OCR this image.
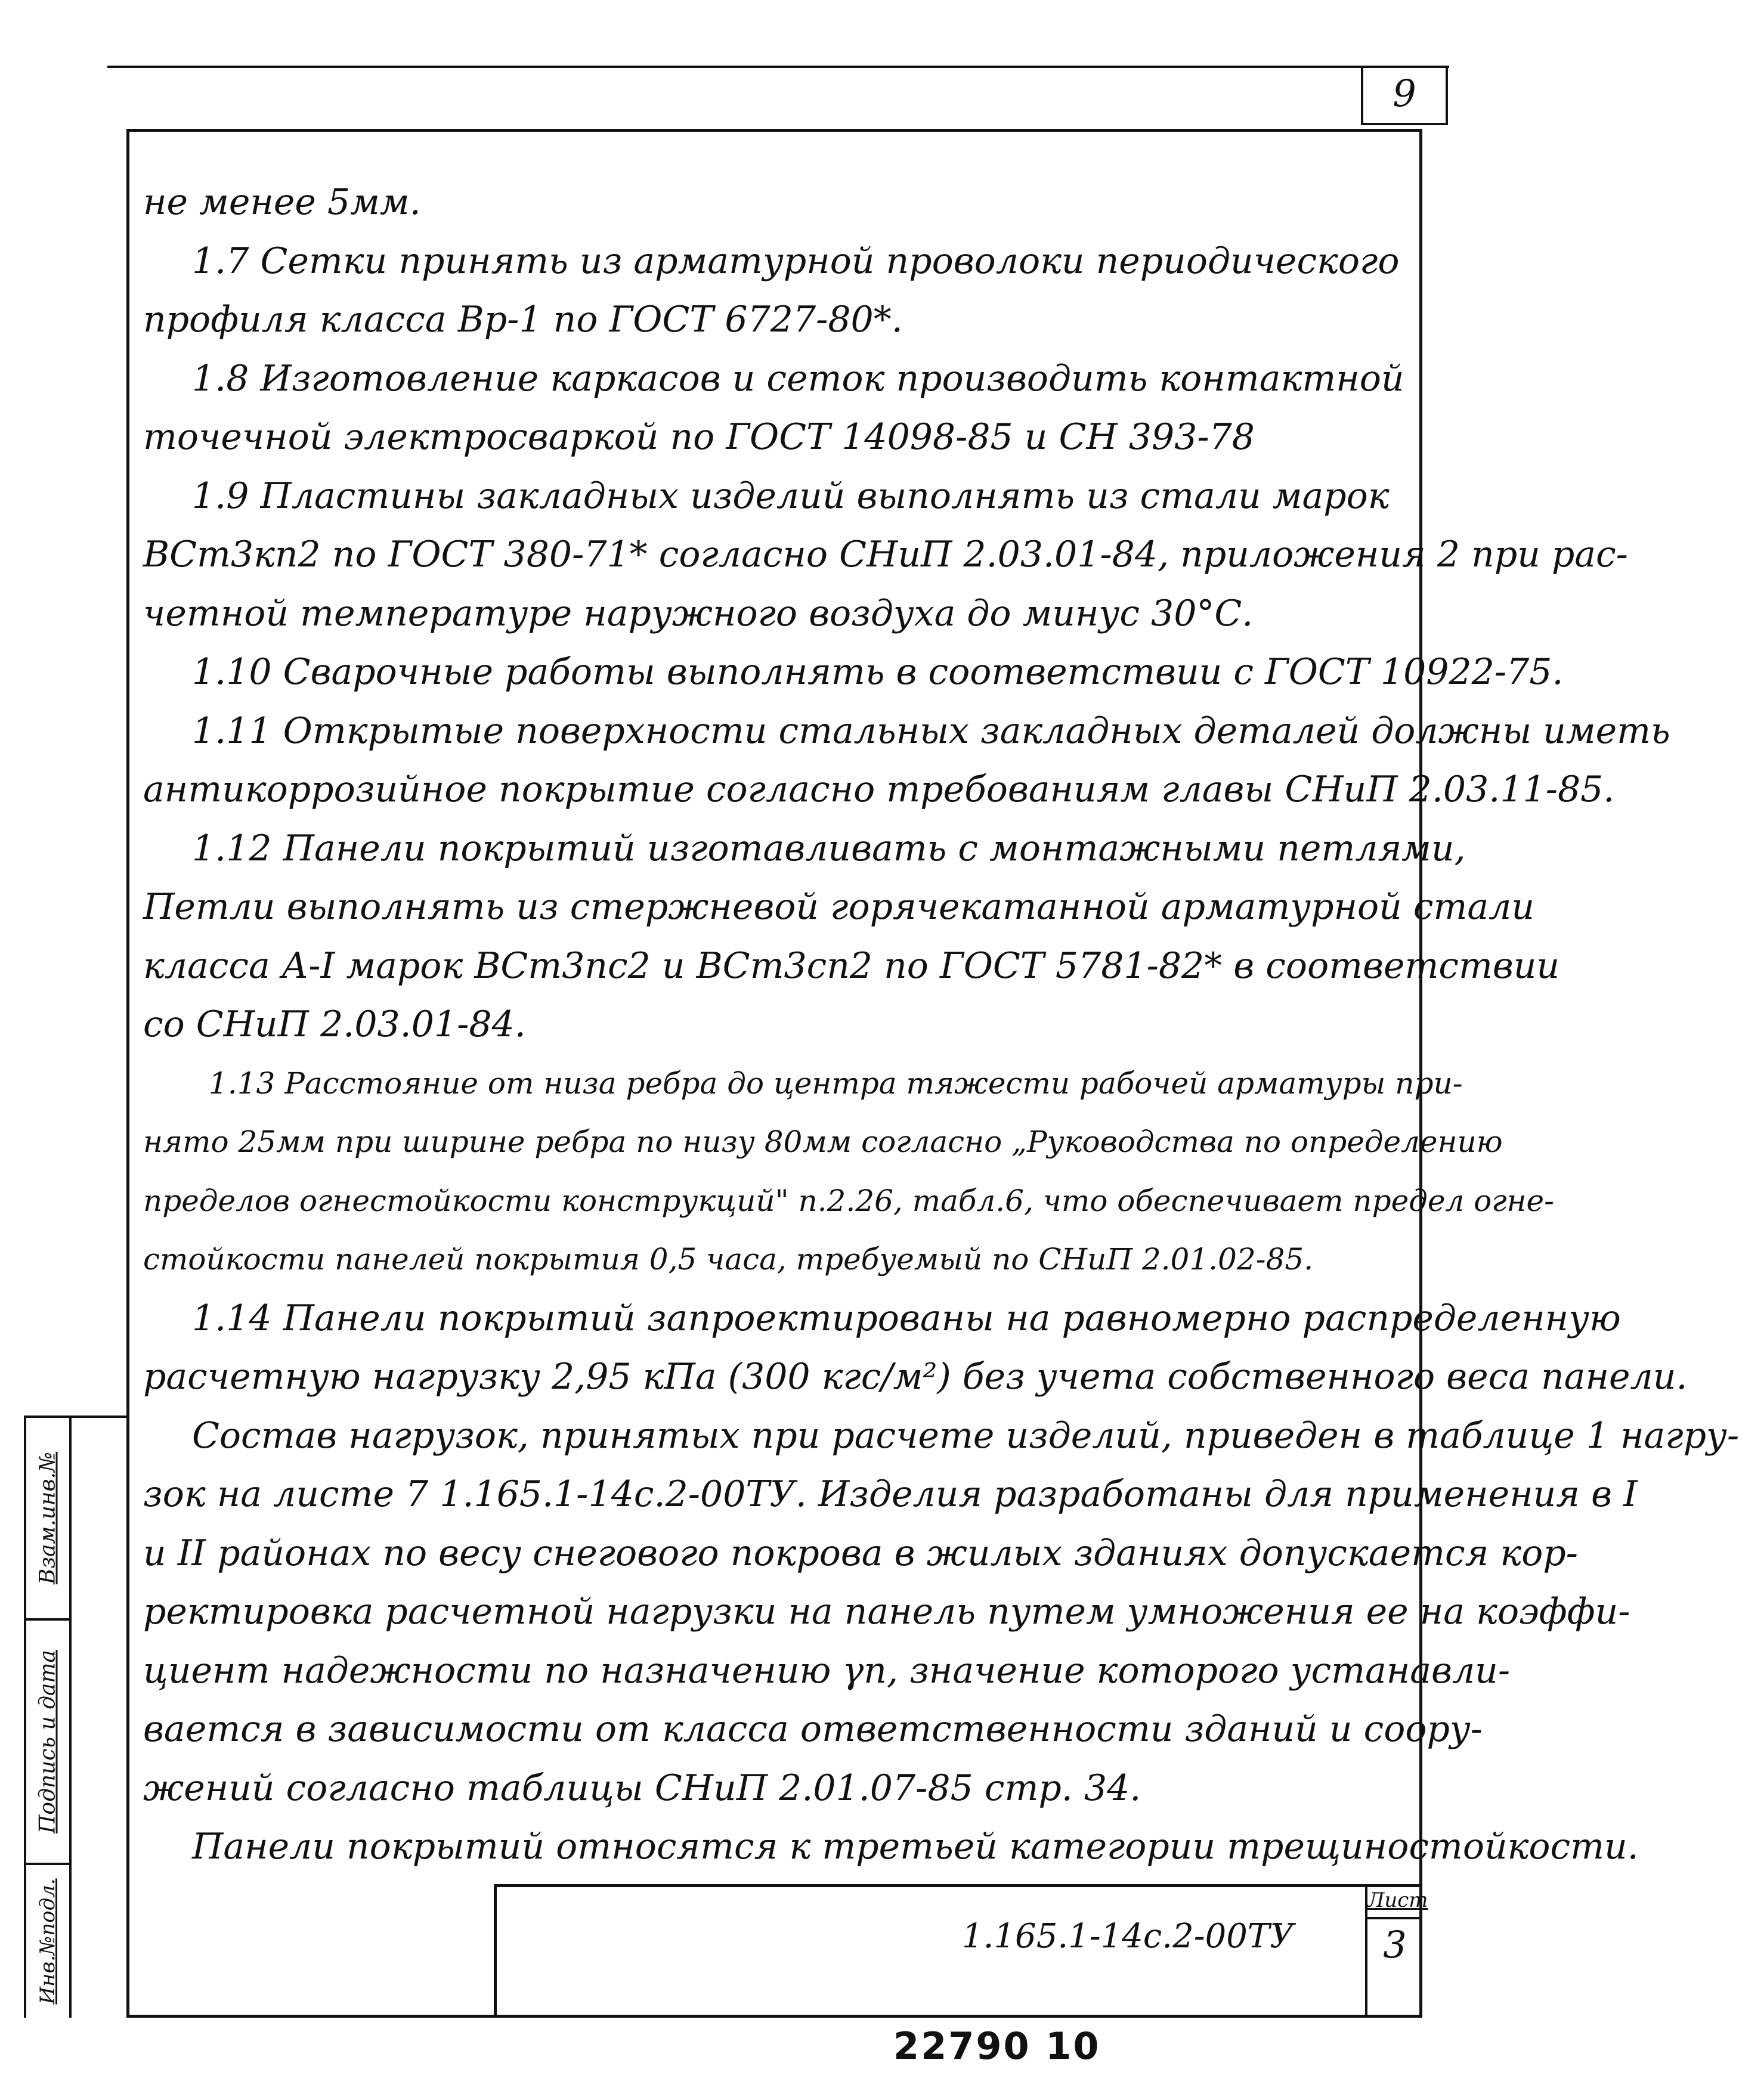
9
не менее 5мм.
1.7 Сетки принять из арматурной проволоки периодического
профиля класса Вр-1 по ГОСТ 6727-80*.
1.8 Изготовление каркасов и сеток производить контактной
точечной электросваркой по ГОСТ 14098-85 и СН 393-78
1.9 Пластины закладных изделий выполнять из стали марок
ВСт3кп2 по ГОСТ 380-71* согласно СНиП 2.03.01-84, приложения 2 при рас-
четной температуре наружного воздуха до минус 30°С.
1.10 Сварочные работы выполнять в соответствии с ГОСТ 10922-75.
1.11 Открытые поверхности стальных закладных деталей должны иметь
антикоррозийное покрытие согласно требованиям главы СНиП 2.03.11-85.
1.12 Панели покрытий изготавливать с монтажными петлями,
Петли выполнять из стержневой горячекатанной арматурной стали
класса А-I марок ВСт3пс2 и ВСт3сп2 по ГОСТ 5781-82* в соответствии
со СНиП 2.03.01-84.
1.13 Расстояние от низа ребра до центра тяжести рабочей арматуры при-
нято 25мм при ширине ребра по низу 80мм согласно „Руководства по определению
пределов огнестойкости конструкций" п.2.26, табл.6, что обеспечивает предел огне-
стойкости панелей покрытия 0,5 часа, требуемый по СНиП 2.01.02-85.
1.14 Панели покрытий запроектированы на равномерно распределенную
расчетную нагрузку 2,95 кПа (300 кгс/м²) без учета собственного веса панели.
Состав нагрузок, принятых при расчете изделий, приведен в таблице 1 нагру-
зок на листе 7 1.165.1-14с.2-00ТУ. Изделия разработаны для применения в I
и II районах по весу снегового покрова в жилых зданиях допускается кор-
ректировка расчетной нагрузки на панель путем умножения ее на коэффи-
циент надежности по назначению γn, значение которого устанавли-
вается в зависимости от класса ответственности зданий и соору-
жений согласно таблицы СНиП 2.01.07-85 стр. 34.
Панели покрытий относятся к третьей категории трещиностойкости.
Взам.инв.№
Подпись и дата
Инв.№подл.	1.165.1-14с.2-00ТУ
Лист
3
22790 10
